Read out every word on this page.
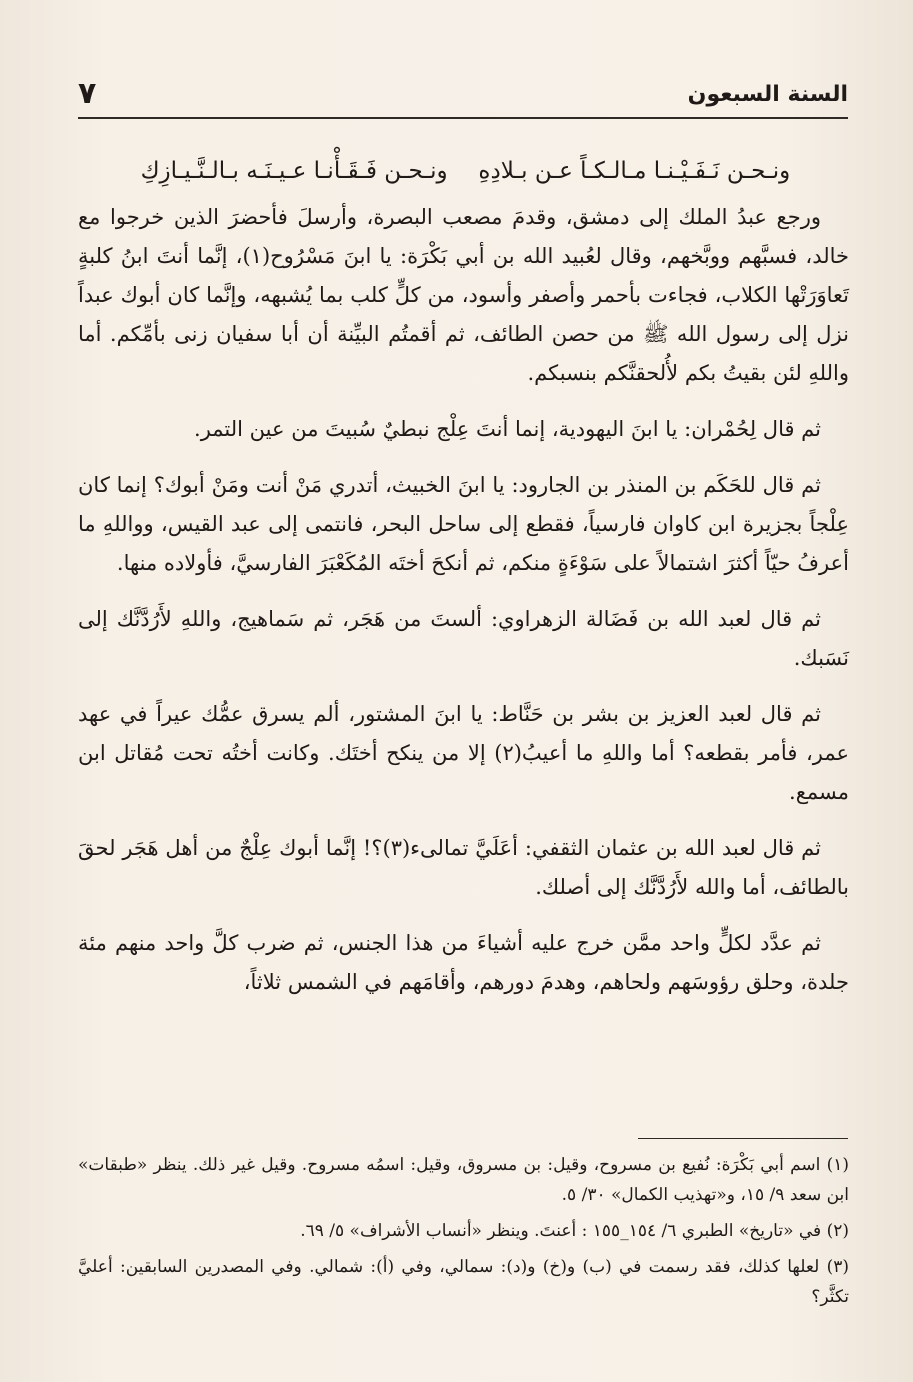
السنة السبعون
٧
ونـحـن نَـفَـيْـنـا مـالـكـاً عـن بـلادِهِ
ونـحـن فَـقَـأْنـا عـيـنَـه بـالـنَّـيـازِكِ

ورجع عبدُ الملك إلى دمشق، وقدمَ مصعب البصرة، وأرسلَ فأحضرَ الذين خرجوا مع خالد، فسبَّهم ووبَّخهم، وقال لعُبيد الله بن أبي بَكْرَة: يا ابنَ مَسْرُوح(١)، إنَّما أنتَ ابنُ كلبةٍ تَعاوَرَتْها الكلاب، فجاءت بأحمر وأصفر وأسود، من كلٍّ كلب بما يُشبهه، وإنَّما كان أبوك عبداً نزل إلى رسول الله ﷺ من حصن الطائف، ثم أقمتُم البيِّنة أن أبا سفيان زنى بأمِّكم. أما واللهِ لئن بقيتُ بكم لأُلحقنَّكم بنسبكم.

ثم قال لِحُمْران: يا ابنَ اليهودية، إنما أنتَ عِلْج نبطيٌ سُبيتَ من عين التمر.

ثم قال للحَكَم بن المنذر بن الجارود: يا ابنَ الخبيث، أتدري مَنْ أنت ومَنْ أبوك؟ إنما كان عِلْجاً بجزيرة ابن كاوان فارسياً، فقطع إلى ساحل البحر، فانتمى إلى عبد القيس، وواللهِ ما أعرفُ حيّاً أكثرَ اشتمالاً على سَوْءَةٍ منكم، ثم أنكحَ أختَه المُكَعْبَرَ الفارسيَّ، فأولاده منها.

ثم قال لعبد الله بن فَضَالة الزهراوي: ألستَ من هَجَر، ثم سَماهيج، واللهِ لأَرُدَّنَّك إلى نَسَبك.

ثم قال لعبد العزيز بن بشر بن حَنَّاط: يا ابنَ المشتور، ألم يسرق عمُّك عيراً في عهد عمر، فأمر بقطعه؟ أما واللهِ ما أعيبُ(٢) إلا من ينكح أختَك. وكانت أختُه تحت مُقاتل ابن مسمع.

ثم قال لعبد الله بن عثمان الثقفي: أعَلَيَّ تمالىء(٣)؟! إنَّما أبوك عِلْجٌ من أهل هَجَر لحقَ بالطائف، أما والله لأَرُدَّنَّك إلى أصلك.

ثم عدَّد لكلٍّ واحد ممَّن خرج عليه أشياءَ من هذا الجنس، ثم ضرب كلَّ واحد منهم مئة جلدة، وحلق رؤوسَهم ولحاهم، وهدمَ دورهم، وأقامَهم في الشمس ثلاثاً،

(١) اسم أبي بَكْرَة: نُفيع بن مسروح، وقيل: بن مسروق، وقيل: اسمُه مسروح. وقيل غير ذلك. ينظر «طبقات» ابن سعد ٩/ ١٥، و«تهذيب الكمال» ٣٠/ ٥.
(٢) في «تاريخ» الطبري ٦/ ١٥٤_١٥٥ : أعنتَ. وينظر «أنساب الأشراف» ٥/ ٦٩.
(٣) لعلها كذلك، فقد رسمت في (ب) و(خ) و(د): سمالي، وفي (أ): شمالي. وفي المصدرين السابقين: أعليَّ تكثَّر؟
